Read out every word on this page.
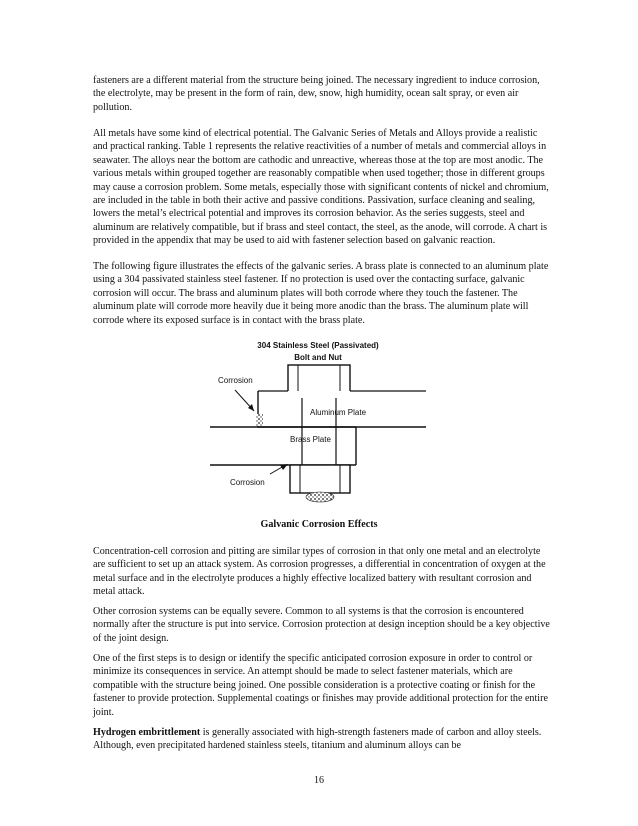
fasteners are a different material from the structure being joined. The necessary ingredient to induce corrosion, the electrolyte, may be present in the form of rain, dew, snow, high humidity, ocean salt spray, or even air pollution.

All metals have some kind of electrical potential. The Galvanic Series of Metals and Alloys provide a realistic and practical ranking. Table 1 represents the relative reactivities of a number of metals and commercial alloys in seawater. The alloys near the bottom are cathodic and unreactive, whereas those at the top are most anodic. The various metals within grouped together are reasonably compatible when used together; those in different groups may cause a corrosion problem. Some metals, especially those with significant contents of nickel and chromium, are included in the table in both their active and passive conditions. Passivation, surface cleaning and sealing, lowers the metal’s electrical potential and improves its corrosion behavior. As the series suggests, steel and aluminum are relatively compatible, but if brass and steel contact, the steel, as the anode, will corrode. A chart is provided in the appendix that may be used to aid with fastener selection based on galvanic reaction.

The following figure illustrates the effects of the galvanic series. A brass plate is connected to an aluminum plate using a 304 passivated stainless steel fastener. If no protection is used over the contacting surface, galvanic corrosion will occur. The brass and aluminum plates will both corrode where they touch the fastener. The aluminum plate will corrode more heavily due it being more anodic than the brass. The aluminum plate will corrode where its exposed surface is in contact with the brass plate.

304 Stainless Steel (Passivated)
Bolt and Nut
Corrosion
Aluminum Plate
Brass Plate
Corrosion
Galvanic Corrosion Effects

Concentration-cell corrosion and pitting are similar types of corrosion in that only one metal and an electrolyte are sufficient to set up an attack system. As corrosion progresses, a differential in concentration of oxygen at the metal surface and in the electrolyte produces a highly effective localized battery with resultant corrosion and metal attack.

Other corrosion systems can be equally severe. Common to all systems is that the corrosion is encountered normally after the structure is put into service. Corrosion protection at design inception should be a key objective of the joint design.

One of the first steps is to design or identify the specific anticipated corrosion exposure in order to control or minimize its consequences in service. An attempt should be made to select fastener materials, which are compatible with the structure being joined. One possible consideration is a protective coating or finish for the fastener to provide protection. Supplemental coatings or finishes may provide additional protection for the entire joint.

Hydrogen embrittlement is generally associated with high-strength fasteners made of carbon and alloy steels. Although, even precipitated hardened stainless steels, titanium and aluminum alloys can be

16
